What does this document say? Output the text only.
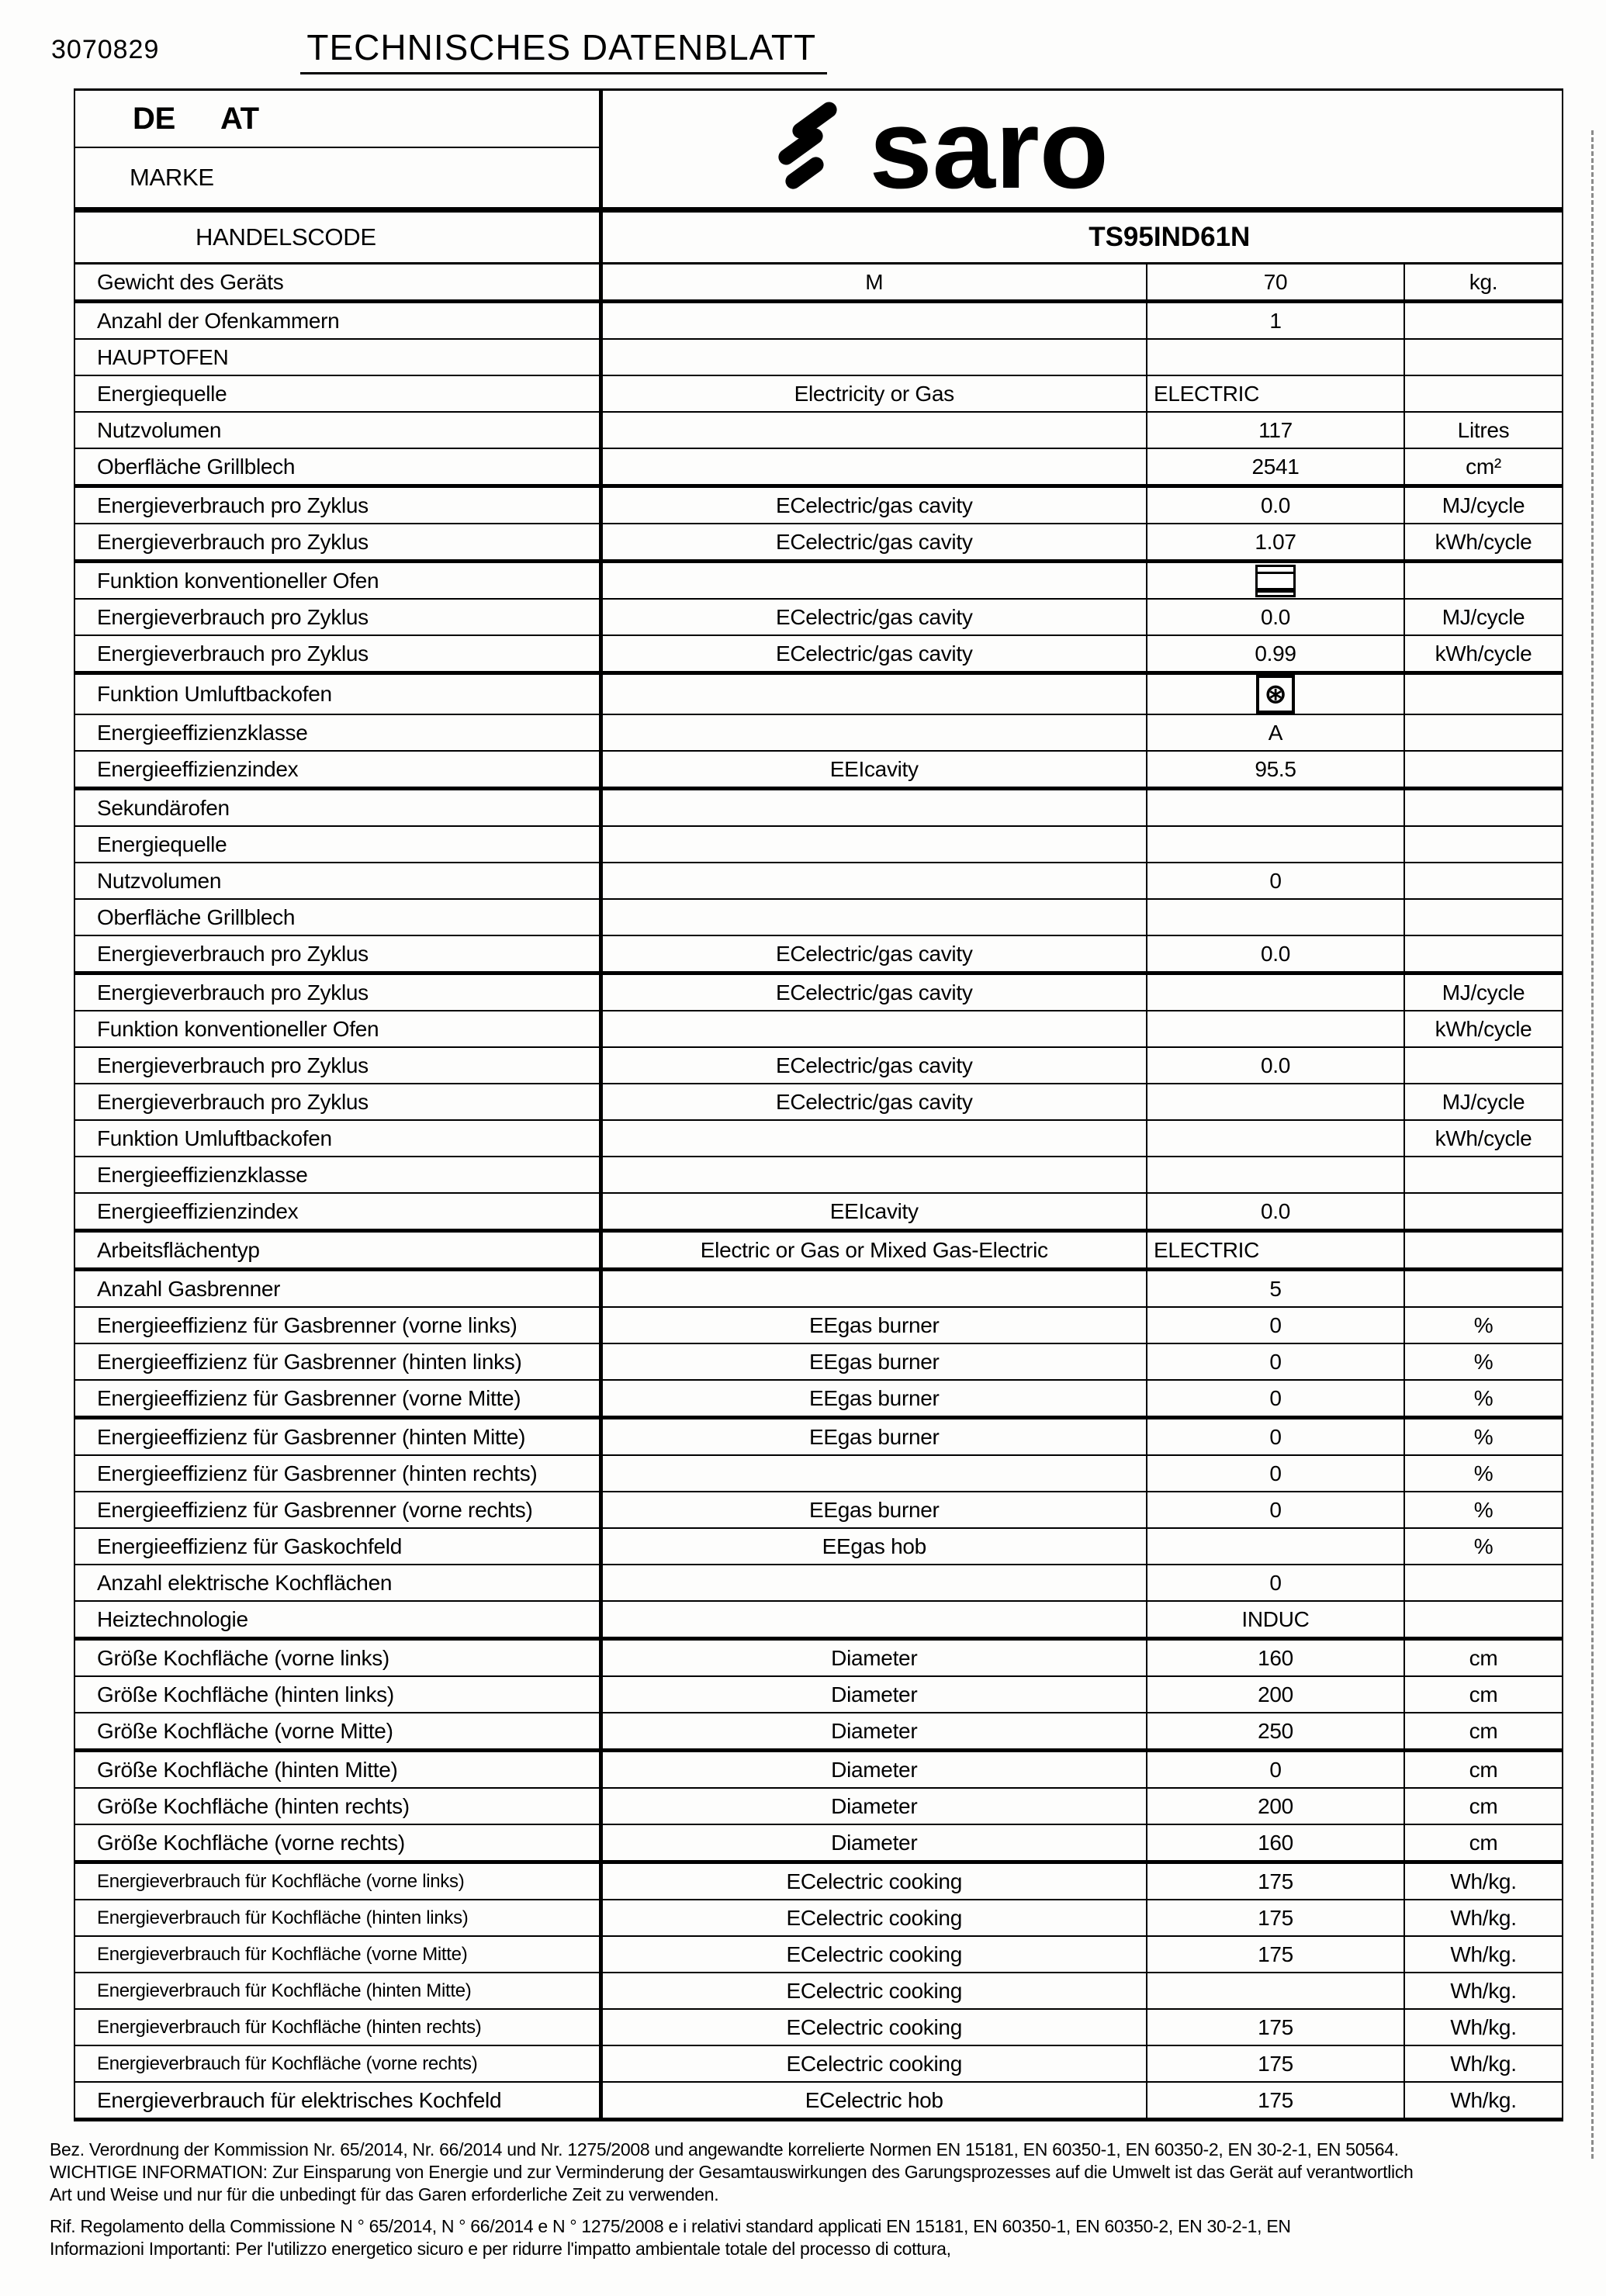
3070829	TECHNISCHES DATENBLATT
DE AT	saro		

MARKE			
HANDELSCODE	TS95IND61N		
Gewicht des Geräts	M	70	kg.
Anzahl der Ofenkammern		1	
HAUPTOFEN			
Energiequelle	Electricity or Gas	ELECTRIC	
Nutzvolumen		117	Litres
Oberfläche Grillblech		2541	cm²
Energieverbrauch pro Zyklus	ECelectric/gas cavity	0.0	MJ/cycle
Energieverbrauch pro Zyklus	ECelectric/gas cavity	1.07	kWh/cycle
Funktion konventioneller Ofen		

Energieverbrauch pro Zyklus	ECelectric/gas cavity	0.0	MJ/cycle
Energieverbrauch pro Zyklus	ECelectric/gas cavity	0.99	kWh/cycle
Funktion Umluftbackofen		⊛	
Energieeffizienzklasse		A	
Energieeffizienzindex	EEIcavity	95.5	
Sekundärofen			
Energiequelle			
Nutzvolumen		0	
Oberfläche Grillblech			
Energieverbrauch pro Zyklus	ECelectric/gas cavity	0.0	
Energieverbrauch pro Zyklus	ECelectric/gas cavity		MJ/cycle
Funktion konventioneller Ofen			kWh/cycle
Energieverbrauch pro Zyklus	ECelectric/gas cavity	0.0	
Energieverbrauch pro Zyklus	ECelectric/gas cavity		MJ/cycle
Funktion Umluftbackofen			kWh/cycle
Energieeffizienzklasse			
Energieeffizienzindex	EEIcavity	0.0	
Arbeitsflächentyp	Electric or Gas or Mixed Gas-Electric	ELECTRIC	
Anzahl Gasbrenner		5	
Energieeffizienz für Gasbrenner (vorne links)	EEgas burner	0	%
Energieeffizienz für Gasbrenner (hinten links)	EEgas burner	0	%
Energieeffizienz für Gasbrenner (vorne Mitte)	EEgas burner	0	%
Energieeffizienz für Gasbrenner (hinten Mitte)	EEgas burner	0	%
Energieeffizienz für Gasbrenner (hinten rechts)		0	%
Energieeffizienz für Gasbrenner (vorne rechts)	EEgas burner	0	%
Energieeffizienz für Gaskochfeld	EEgas hob		%
Anzahl elektrische Kochflächen		0	
Heiztechnologie		INDUC	
Größe Kochfläche (vorne links)	Diameter	160	cm
Größe Kochfläche (hinten links)	Diameter	200	cm
Größe Kochfläche (vorne Mitte)	Diameter	250	cm
Größe Kochfläche (hinten Mitte)	Diameter	0	cm
Größe Kochfläche (hinten rechts)	Diameter	200	cm
Größe Kochfläche (vorne rechts)	Diameter	160	cm
Energieverbrauch für Kochfläche (vorne links)	ECelectric cooking	175	Wh/kg.
Energieverbrauch für Kochfläche (hinten links)	ECelectric cooking	175	Wh/kg.
Energieverbrauch für Kochfläche (vorne Mitte)	ECelectric cooking	175	Wh/kg.
Energieverbrauch für Kochfläche (hinten Mitte)	ECelectric cooking		Wh/kg.
Energieverbrauch für Kochfläche (hinten rechts)	ECelectric cooking	175	Wh/kg.
Energieverbrauch für Kochfläche (vorne rechts)	ECelectric cooking	175	Wh/kg.
Energieverbrauch für elektrisches Kochfeld	ECelectric hob	175	Wh/kg.
Bez. Verordnung der Kommission Nr. 65/2014, Nr. 66/2014 und Nr. 1275/2008 und angewandte korrelierte Normen EN 15181, EN 60350-1, EN 60350-2, EN 30-2-1, EN 50564.
WICHTIGE INFORMATION: Zur Einsparung von Energie und zur Verminderung der Gesamtauswirkungen des Garungsprozesses auf die Umwelt ist das Gerät auf verantwortlich
Art und Weise und nur für die unbedingt für das Garen erforderliche Zeit zu verwenden.
Rif. Regolamento della Commissione N ° 65/2014, N ° 66/2014 e N ° 1275/2008 e i relativi standard applicati EN 15181, EN 60350-1, EN 60350-2, EN 30-2-1, EN
Informazioni Importanti: Per l'utilizzo energetico sicuro e per ridurre l'impatto ambientale totale del processo di cottura,
